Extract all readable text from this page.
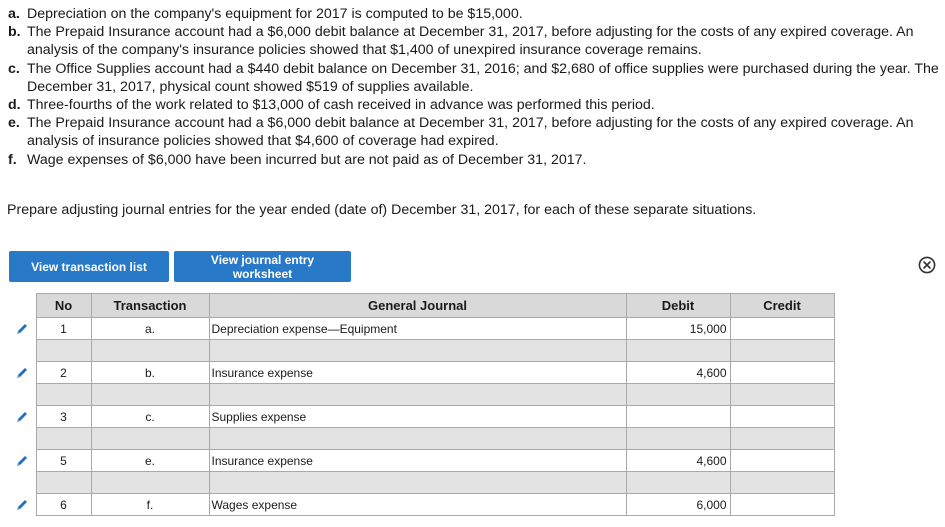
a. Depreciation on the company's equipment for 2017 is computed to be $15,000.
b. The Prepaid Insurance account had a $6,000 debit balance at December 31, 2017, before adjusting for the costs of any expired coverage. An analysis of the company's insurance policies showed that $1,400 of unexpired insurance coverage remains.
c. The Office Supplies account had a $440 debit balance on December 31, 2016; and $2,680 of office supplies were purchased during the year. The December 31, 2017, physical count showed $519 of supplies available.
d. Three-fourths of the work related to $13,000 of cash received in advance was performed this period.
e. The Prepaid Insurance account had a $6,000 debit balance at December 31, 2017, before adjusting for the costs of any expired coverage. An analysis of insurance policies showed that $4,600 of coverage had expired.
f. Wage expenses of $6,000 have been incurred but are not paid as of December 31, 2017.
Prepare adjusting journal entries for the year ended (date of) December 31, 2017, for each of these separate situations.
View transaction list	View journal entry worksheet
	No	Transaction	General Journal	Debit	Credit
	1	a.	Depreciation expense—Equipment	15,000	

	2	b.	Insurance expense	4,600	

	3	c.	Supplies expense		

	5	e.	Insurance expense	4,600	

	6	f.	Wages expense	6,000	
